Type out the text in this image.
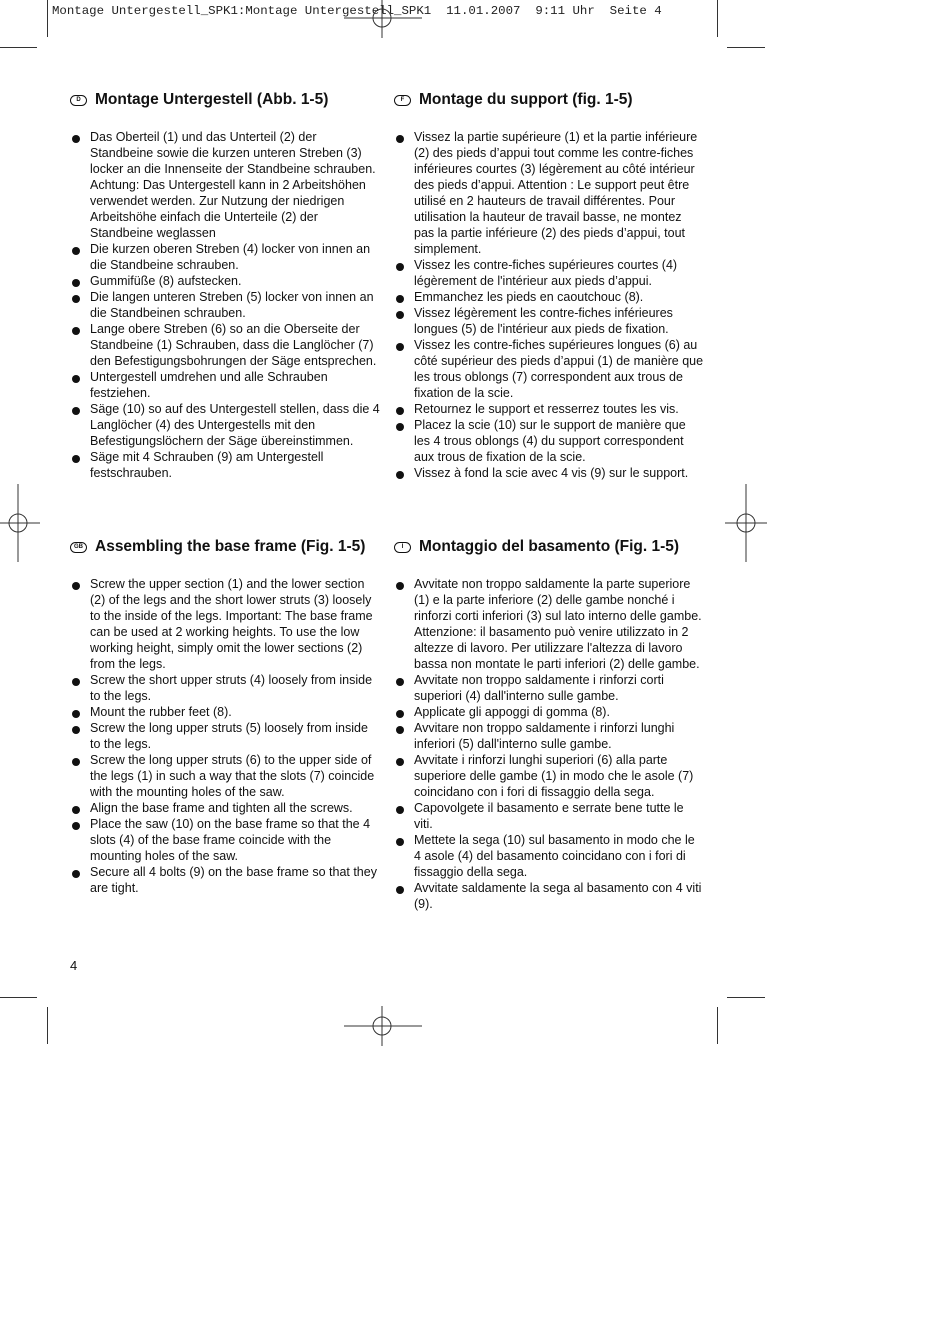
Montage Untergestell_SPK1:Montage Untergestell_SPK1  11.01.2007  9:11 Uhr  Seite 4
D Montage Untergestell (Abb. 1-5)
Das Oberteil (1) und das Unterteil (2) der Standbeine sowie die kurzen unteren Streben (3) locker an die Innenseite der Standbeine schrauben. Achtung: Das Untergestell kann in 2 Arbeitshöhen verwendet werden. Zur Nutzung der niedrigen Arbeitshöhe einfach die Unterteile (2) der Standbeine weglassen
Die kurzen oberen Streben (4) locker von innen an die Standbeine schrauben.
Gummifüße (8) aufstecken.
Die langen unteren Streben (5) locker von innen an die Standbeinen schrauben.
Lange obere Streben (6) so an die Oberseite der Standbeine (1) Schrauben, dass die Langlöcher (7) den Befestigungsbohrungen der Säge entsprechen.
Untergestell umdrehen und alle Schrauben festziehen.
Säge (10) so auf des Untergestell stellen, dass die 4 Langlöcher (4) des Untergestells mit den Befestigungslöchern der Säge übereinstimmen.
Säge mit 4 Schrauben (9) am Untergestell festschrauben.
F Montage du support (fig. 1-5)
Vissez la partie supérieure (1) et la partie inférieure (2) des pieds d’appui tout comme les contre-fiches inférieures courtes (3) légèrement au côté intérieur des pieds d’appui. Attention : Le support peut être utilisé en 2 hauteurs de travail différentes. Pour utilisation la hauteur de travail basse, ne montez pas la partie inférieure (2) des pieds d’appui, tout simplement.
Vissez les contre-fiches supérieures courtes (4) légèrement de l'intérieur aux pieds d’appui.
Emmanchez les pieds en caoutchouc (8).
Vissez légèrement les contre-fiches inférieures longues (5) de l'intérieur aux pieds de fixation.
Vissez les contre-fiches supérieures longues (6) au côté supérieur des pieds d’appui (1) de manière que les trous oblongs (7) correspondent aux trous de fixation de la scie.
Retournez le support et resserrez toutes les vis.
Placez la scie (10) sur le support de manière que les 4 trous oblongs (4) du support correspondent aux trous de fixation de la scie.
Vissez à fond la scie avec 4 vis (9) sur le support.
GB Assembling the base frame (Fig. 1-5)
Screw the upper section (1) and the lower section (2) of the legs and the short lower struts (3) loosely to the inside of the legs. Important: The base frame can be used at 2 working heights. To use the low working height, simply omit the lower sections (2) from the legs.
Screw the short upper struts (4) loosely from inside to the legs.
Mount the rubber feet (8).
Screw the long upper struts (5) loosely from inside to the legs.
Screw the long upper struts (6) to the upper side of the legs (1) in such a way that the slots (7) coincide with the mounting holes of the saw.
Align the base frame and tighten all the screws.
Place the saw (10) on the base frame so that the 4 slots (4) of the base frame coincide with the mounting holes of the saw.
Secure all 4 bolts (9) on the base frame so that they are tight.
I	Montaggio del basamento (Fig. 1-5)
Avvitate non troppo saldamente la parte superiore (1) e la parte inferiore (2) delle gambe nonché i rinforzi corti inferiori (3) sul lato interno delle gambe. Attenzione: il basamento può venire utilizzato in 2 altezze di lavoro. Per utilizzare l'altezza di lavoro bassa non montate le parti inferiori (2) delle gambe.
Avvitate non troppo saldamente i rinforzi corti superiori (4) dall'interno sulle gambe.
Applicate gli appoggi di gomma (8).
Avvitare non troppo saldamente i rinforzi lunghi inferiori (5) dall'interno sulle gambe.
Avvitate i rinforzi lunghi superiori (6) alla parte superiore delle gambe (1) in modo che le asole (7) coincidano con i fori di fissaggio della sega.
Capovolgete il basamento e serrate bene tutte le viti.
Mettete la sega (10) sul basamento in modo che le 4 asole (4) del basamento coincidano con i fori di fissaggio della sega.
Avvitate saldamente la sega al basamento con 4 viti (9).
4
